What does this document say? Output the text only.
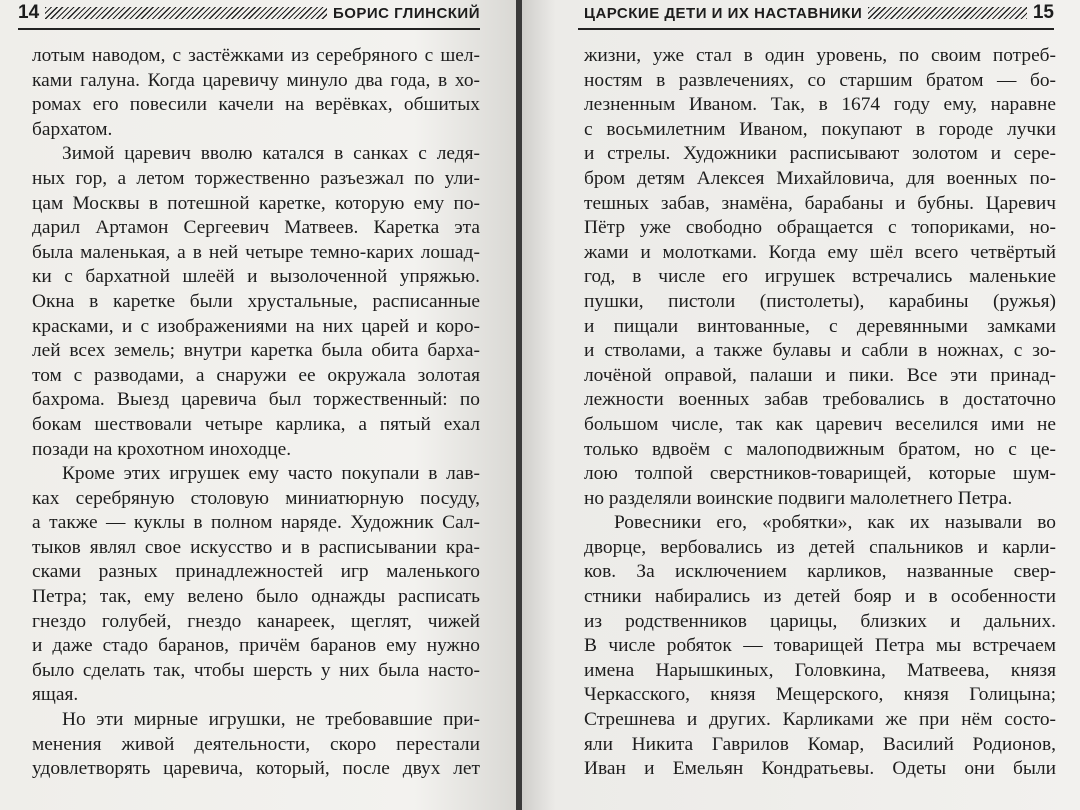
14	БОРИС ГЛИНСКИЙ
лотым наводом, с застёжками из серебряного с шел-
ками галуна. Когда царевичу минуло два года, в хо-
ромах его повесили качели на верёвках, обшитых
бархатом.
Зимой царевич вволю катался в санках с ледя-
ных гор, а летом торжественно разъезжал по ули-
цам Москвы в потешной каретке, которую ему по-
дарил Артамон Сергеевич Матвеев. Каретка эта
была маленькая, а в ней четыре темно-карих лошад-
ки с бархатной шлеёй и вызолоченной упряжью.
Окна в каретке были хрустальные, расписанные
красками, и с изображениями на них царей и коро-
лей всех земель; внутри каретка была обита барха-
том с разводами, а снаружи ее окружала золотая
бахрома. Выезд царевича был торжественный: по
бокам шествовали четыре карлика, а пятый ехал
позади на крохотном иноходце.
Кроме этих игрушек ему часто покупали в лав-
ках серебряную столовую миниатюрную посуду,
а также — куклы в полном наряде. Художник Сал-
тыков являл свое искусство и в расписывании кра-
сками разных принадлежностей игр маленького
Петра; так, ему велено было однажды расписать
гнездо голубей, гнездо канареек, щеглят, чижей
и даже стадо баранов, причём баранов ему нужно
было сделать так, чтобы шерсть у них была насто-
ящая.
Но эти мирные игрушки, не требовавшие при-
менения живой деятельности, скоро перестали
удовлетворять царевича, который, после двух лет
ЦАРСКИЕ ДЕТИ И ИХ НАСТАВНИКИ	15
жизни, уже стал в один уровень, по своим потреб-
ностям в развлечениях, со старшим братом — бо-
лезненным Иваном. Так, в 1674 году ему, наравне
с восьмилетним Иваном, покупают в городе лучки
и стрелы. Художники расписывают золотом и сере-
бром детям Алексея Михайловича, для военных по-
тешных забав, знамёна, барабаны и бубны. Царевич
Пётр уже свободно обращается с топориками, но-
жами и молотками. Когда ему шёл всего четвёртый
год, в числе его игрушек встречались маленькие
пушки, пистоли (пистолеты), карабины (ружья)
и пищали винтованные, с деревянными замками
и стволами, а также булавы и сабли в ножнах, с зо-
лочёной оправой, палаши и пики. Все эти принад-
лежности военных забав требовались в достаточно
большом числе, так как царевич веселился ими не
только вдвоём с малоподвижным братом, но с це-
лою толпой сверстников-товарищей, которые шум-
но разделяли воинские подвиги малолетнего Петра.
Ровесники его, «робятки», как их называли во
дворце, вербовались из детей спальников и карли-
ков. За исключением карликов, названные свер-
стники набирались из детей бояр и в особенности
из родственников царицы, близких и дальних.
В числе робяток — товарищей Петра мы встречаем
имена Нарышкиных, Головкина, Матвеева, князя
Черкасского, князя Мещерского, князя Голицына;
Стрешнева и других. Карликами же при нём состо-
яли Никита Гаврилов Комар, Василий Родионов,
Иван и Емельян Кондратьевы. Одеты они были
